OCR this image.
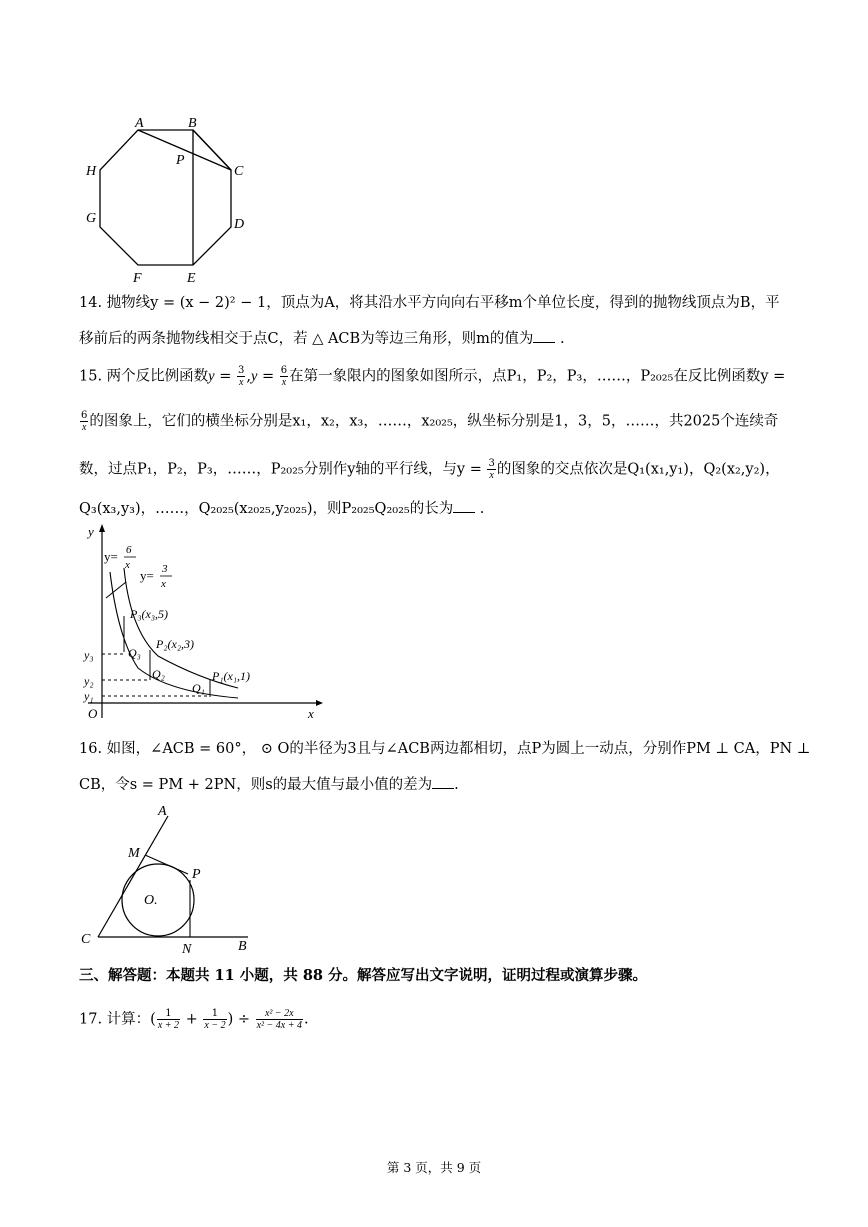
A	B
C
D
E
F
G
H
P
14. 抛物线y = (x − 2)² − 1，顶点为A，将其沿水平方向向右平移m个单位长度，得到的抛物线顶点为B，平
移前后的两条抛物线相交于点C，若 △ ACB为等边三角形，则m的值为 .
15. 两个反比例函数$y = \frac{3}{x} ,y = \frac{6}{x}$ 在第一象限内的图象如图所示，点P₁，P₂，P₃，……，P₂₀₂₅在反比例函数y =
$\frac{6}{x}$ 的图象上，它们的横坐标分别是x₁，x₂，x₃，……，x₂₀₂₅，纵坐标分别是1，3，5，……，共2025个连续奇
数，过点P₁，P₂，P₃，……，P₂₀₂₅分别作y轴的平行线，与$y = \frac{3}{x}$ 的图象的交点依次是Q₁(x₁,y₁)，Q₂(x₂,y₂)，
Q₃(x₃,y₃)，……，Q₂₀₂₅(x₂₀₂₅,y₂₀₂₅)，则P₂₀₂₅Q₂₀₂₅的长为 .
y
x
O
y= 6
x
y= 3
x
P₃(x₃,5)
P₂(x₂,3)
P₁(x₁,1)
Q₃
Q₂
Q₁
y₃
y₂
y₁
16. 如图，∠ACB = 60°， ⊙ O的半径为3且与∠ACB两边都相切，点P为圆上一动点，分别作PM ⊥ CA，PN ⊥
CB，令s = PM + 2PN，则s的最大值与最小值的差为 .
A
B
C
M
N
P
O.
三、解答题：本题共 11 小题，共 88 分。解答应写出文字说明，证明过程或演算步骤。
17. 计算：( $\frac{1}{x + 2} + \frac{1}{x - 2}$ ) ÷ $\frac{\text{x² − 2x}}{\text{x² − 4x + 4}}$ .
第 3 页，共 9 页
